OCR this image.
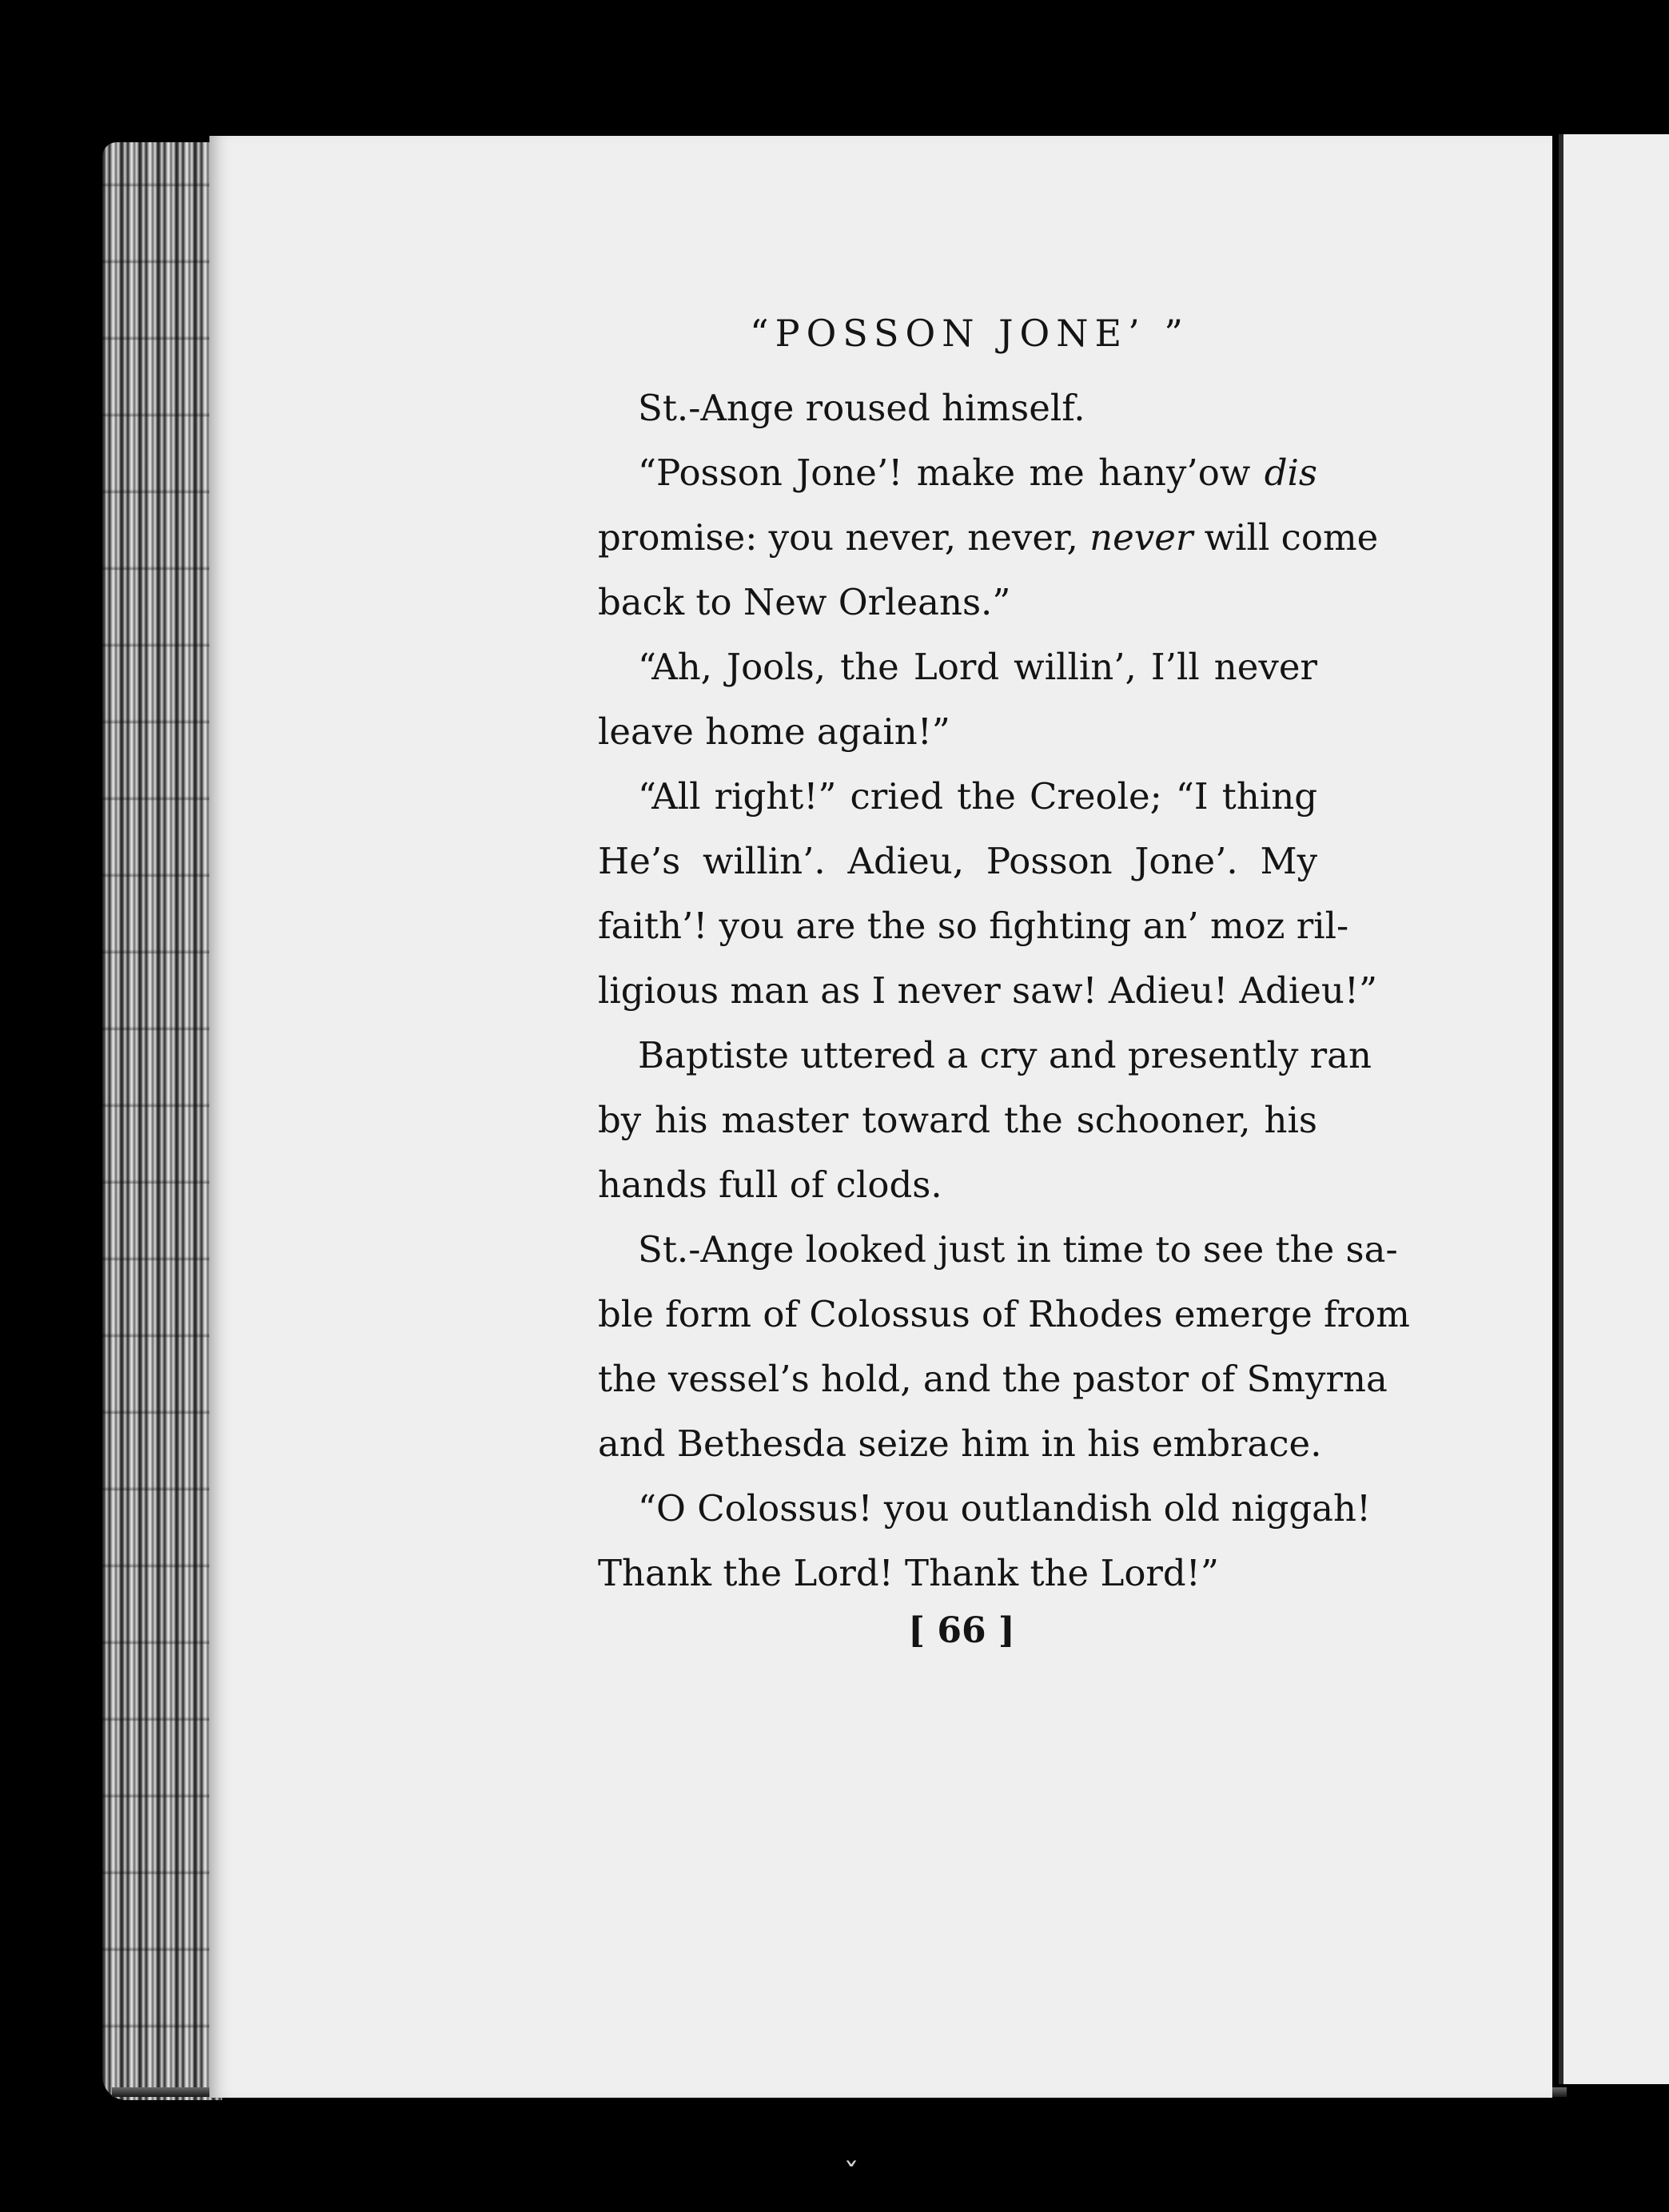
“POSSON JONE’ ”
St.-Ange roused himself.
“Posson Jone’! make me hany’ow dis
promise: you never, never, never will come
back to New Orleans.”
“Ah, Jools, the Lord willin’, I’ll never
leave home again!”
“All right!” cried the Creole; “I thing
He’s willin’. Adieu, Posson Jone’. My
faith’! you are the so fighting an’ moz ril-
ligious man as I never saw! Adieu! Adieu!”
Baptiste uttered a cry and presently ran
by his master toward the schooner, his
hands full of clods.
St.-Ange looked just in time to see the sa-
ble form of Colossus of Rhodes emerge from
the vessel’s hold, and the pastor of Smyrna
and Bethesda seize him in his embrace.
“O Colossus! you outlandish old niggah!
Thank the Lord! Thank the Lord!”
[ 66 ]
ˇ
